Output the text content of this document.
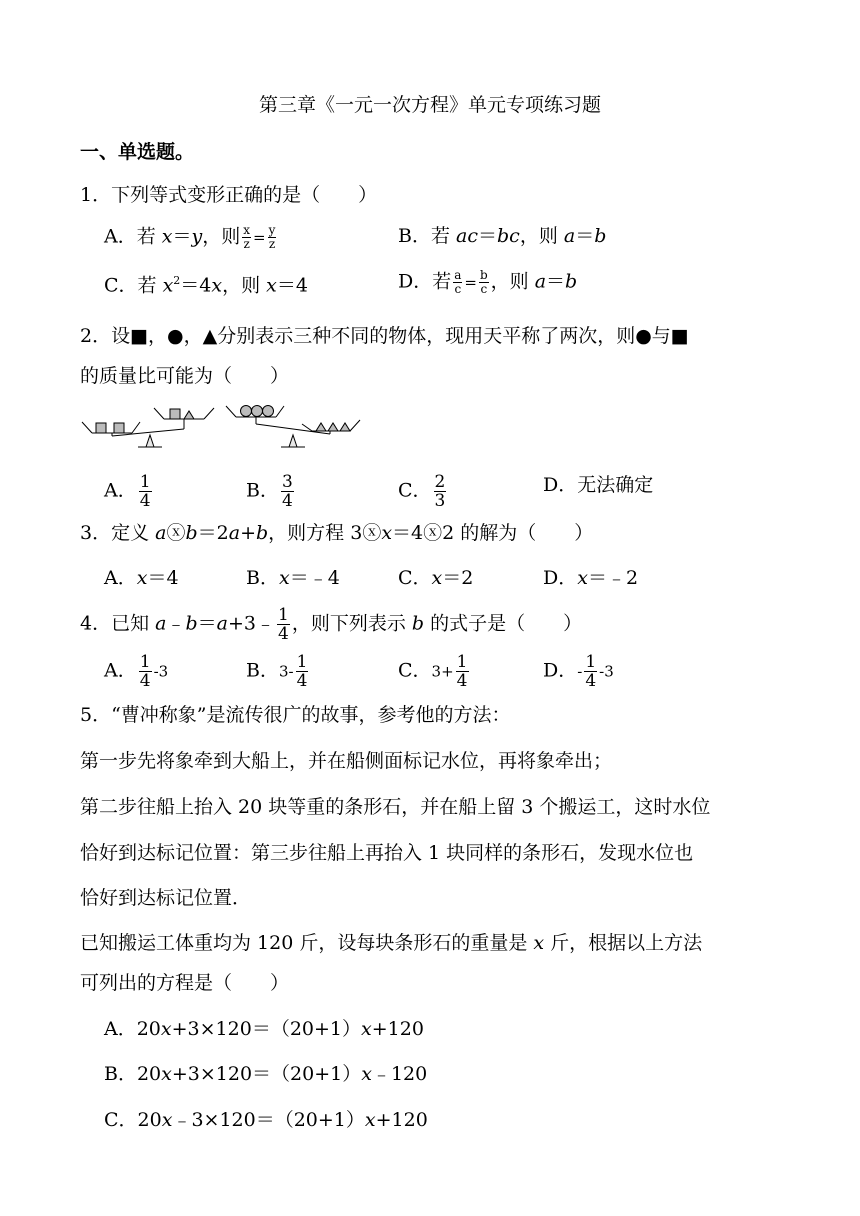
第三章《一元一次方程》单元专项练习题
一、单选题。
1．下列等式变形正确的是（　　）
A．若 x＝y，则 $\frac{x}{z} = \frac{y}{z}$	B．若 ac＝bc，则 a＝b
C．若 $x^2=4x$，则 x＝4	D．若 $\frac{a}{c} = \frac{b}{c}$ ，则 a＝b
2．设■，●，▲分别表示三种不同的物体，现用天平称了两次，则●与■
的质量比可能为（　　）
A． $\frac{1}{4}$	B． $\frac{3}{4}$	C． $\frac{2}{3}$	D．无法确定
3．定义 aⓧb＝2a+b，则方程 3ⓧx＝4ⓧ2 的解为（　　）
A．x＝4	B．x＝﹣4	C．x＝2	D．x＝﹣2
4．已知 a﹣b＝a+3﹣ $\frac{1}{4}$ ，则下列表示 b 的式子是（　　）
A． $\frac{1}{4} -3$	B．$3- \frac{1}{4}$	C．$3+ \frac{1}{4}$	D．- $\frac{1}{4} -3$
5．“曹冲称象”是流传很广的故事，参考他的方法：
第一步先将象牵到大船上，并在船侧面标记水位，再将象牵出；
第二步往船上抬入 20 块等重的条形石，并在船上留 3 个搬运工，这时水位
恰好到达标记位置：第三步往船上再抬入 1 块同样的条形石，发现水位也
恰好到达标记位置．
已知搬运工体重均为 120 斤，设每块条形石的重量是 x 斤，根据以上方法
可列出的方程是（　　）
A．20x+3×120＝（20+1）x+120
B．20x+3×120＝（20+1）x﹣120
C．20x﹣3×120＝（20+1）x+120
